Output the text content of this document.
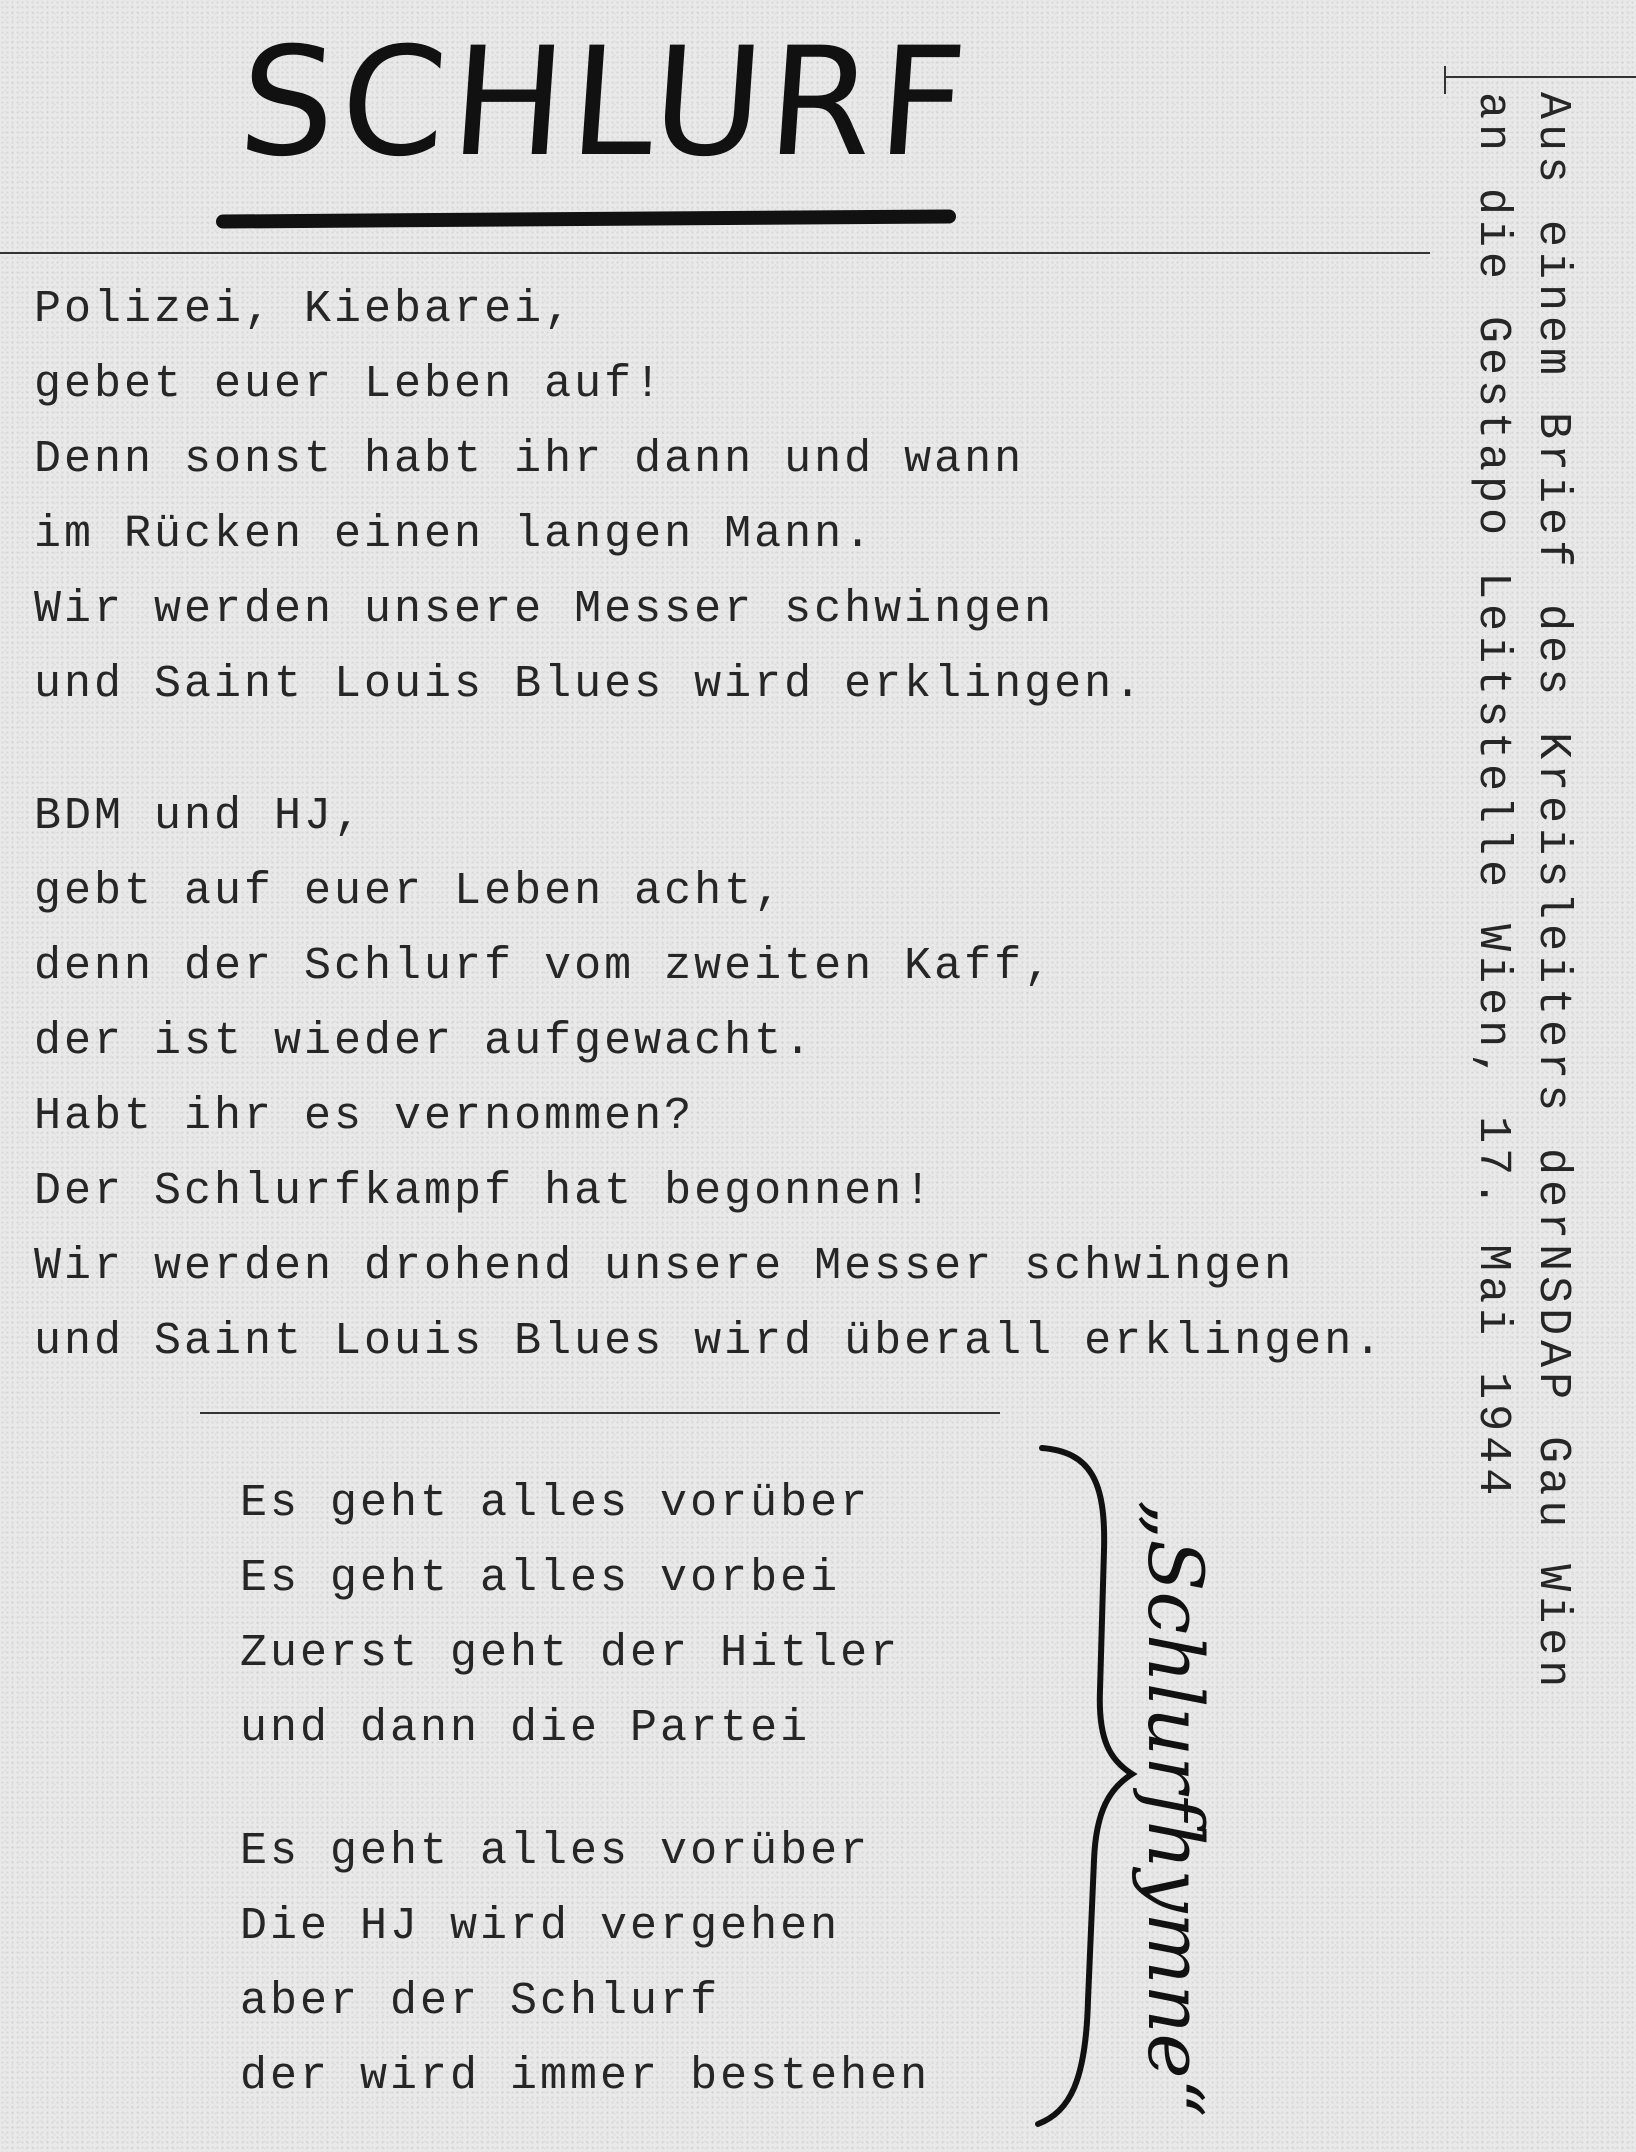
SCHLURF
Polizei, Kiebarei,
gebet euer Leben auf!
Denn sonst habt ihr dann und wann
im Rücken einen langen Mann.
Wir werden unsere Messer schwingen
und Saint Louis Blues wird erklingen.
BDM und HJ,
gebt auf euer Leben acht,
denn der Schlurf vom zweiten Kaff,
der ist wieder aufgewacht.
Habt ihr es vernommen?
Der Schlurfkampf hat begonnen!
Wir werden drohend unsere Messer schwingen
und Saint Louis Blues wird überall erklingen.
Es geht alles vorüber
Es geht alles vorbei
Zuerst geht der Hitler
und dann die Partei
Es geht alles vorüber
Die HJ wird vergehen
aber der Schlurf
der wird immer bestehen	„Schlurfhymne“
Aus einem Brief des Kreisleiters derNSDAP Gau Wien
an die Gestapo Leitstelle Wien, 17. Mai 1944
